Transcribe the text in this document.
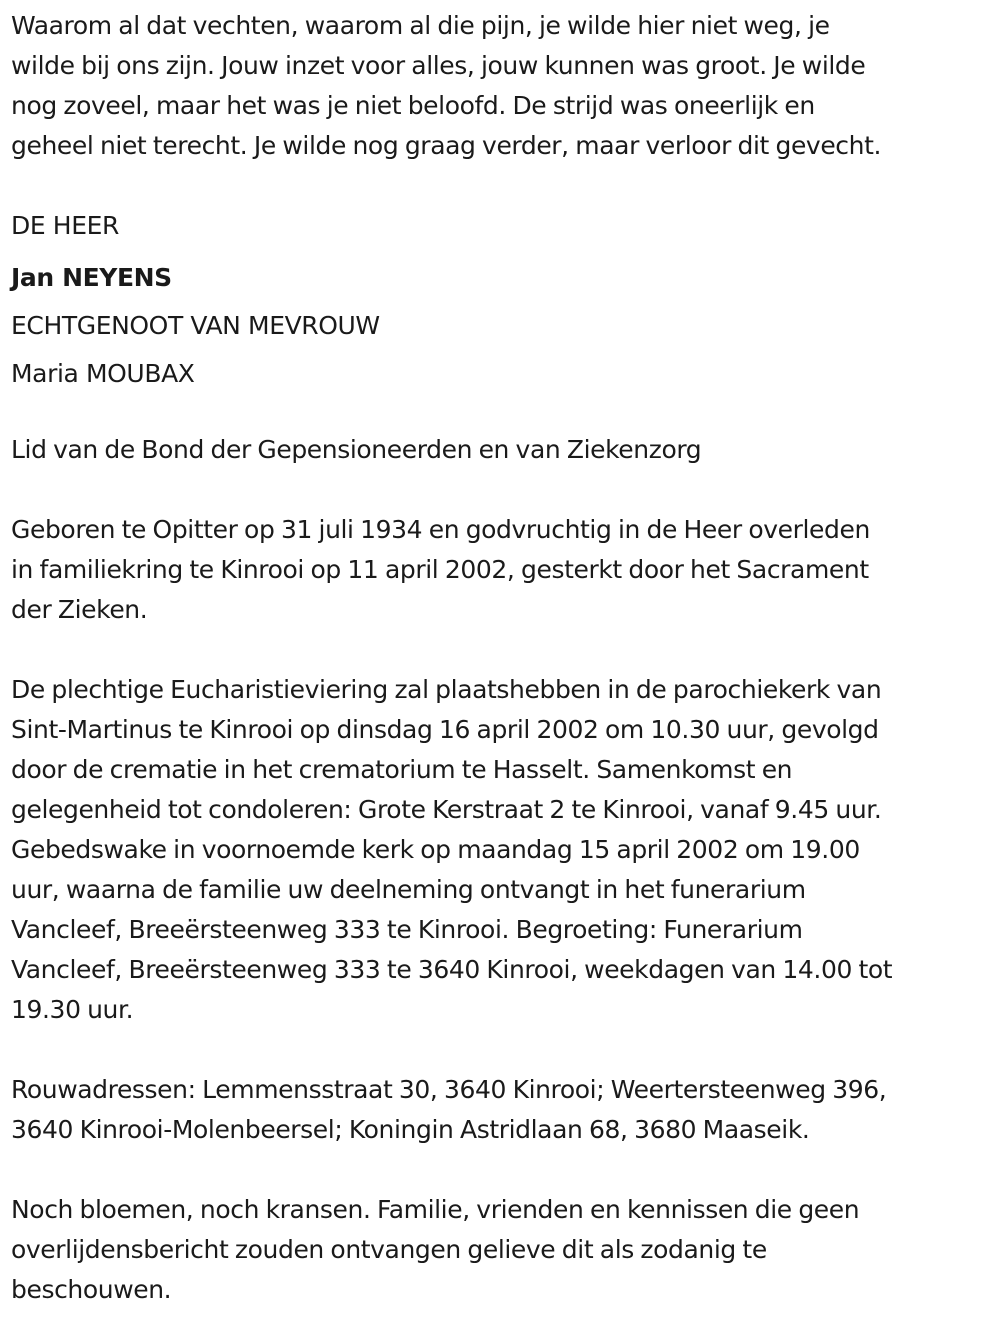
Waarom al dat vechten, waarom al die pijn, je wilde hier niet weg, je
wilde bij ons zijn. Jouw inzet voor alles, jouw kunnen was groot. Je wilde
nog zoveel, maar het was je niet beloofd. De strijd was oneerlijk en
geheel niet terecht. Je wilde nog graag verder, maar verloor dit gevecht.

DE HEER

Jan NEYENS

ECHTGENOOT VAN MEVROUW

Maria MOUBAX

Lid van de Bond der Gepensioneerden en van Ziekenzorg

Geboren te Opitter op 31 juli 1934 en godvruchtig in de Heer overleden
in familiekring te Kinrooi op 11 april 2002, gesterkt door het Sacrament
der Zieken.

De plechtige Eucharistieviering zal plaatshebben in de parochiekerk van
Sint-Martinus te Kinrooi op dinsdag 16 april 2002 om 10.30 uur, gevolgd
door de crematie in het crematorium te Hasselt. Samenkomst en
gelegenheid tot condoleren: Grote Kerstraat 2 te Kinrooi, vanaf 9.45 uur.
Gebedswake in voornoemde kerk op maandag 15 april 2002 om 19.00
uur, waarna de familie uw deelneming ontvangt in het funerarium
Vancleef, Breeërsteenweg 333 te Kinrooi. Begroeting: Funerarium
Vancleef, Breeërsteenweg 333 te 3640 Kinrooi, weekdagen van 14.00 tot
19.30 uur.

Rouwadressen: Lemmensstraat 30, 3640 Kinrooi; Weertersteenweg 396,
3640 Kinrooi-Molenbeersel; Koningin Astridlaan 68, 3680 Maaseik.

Noch bloemen, noch kransen. Familie, vrienden en kennissen die geen
overlijdensbericht zouden ontvangen gelieve dit als zodanig te
beschouwen.
